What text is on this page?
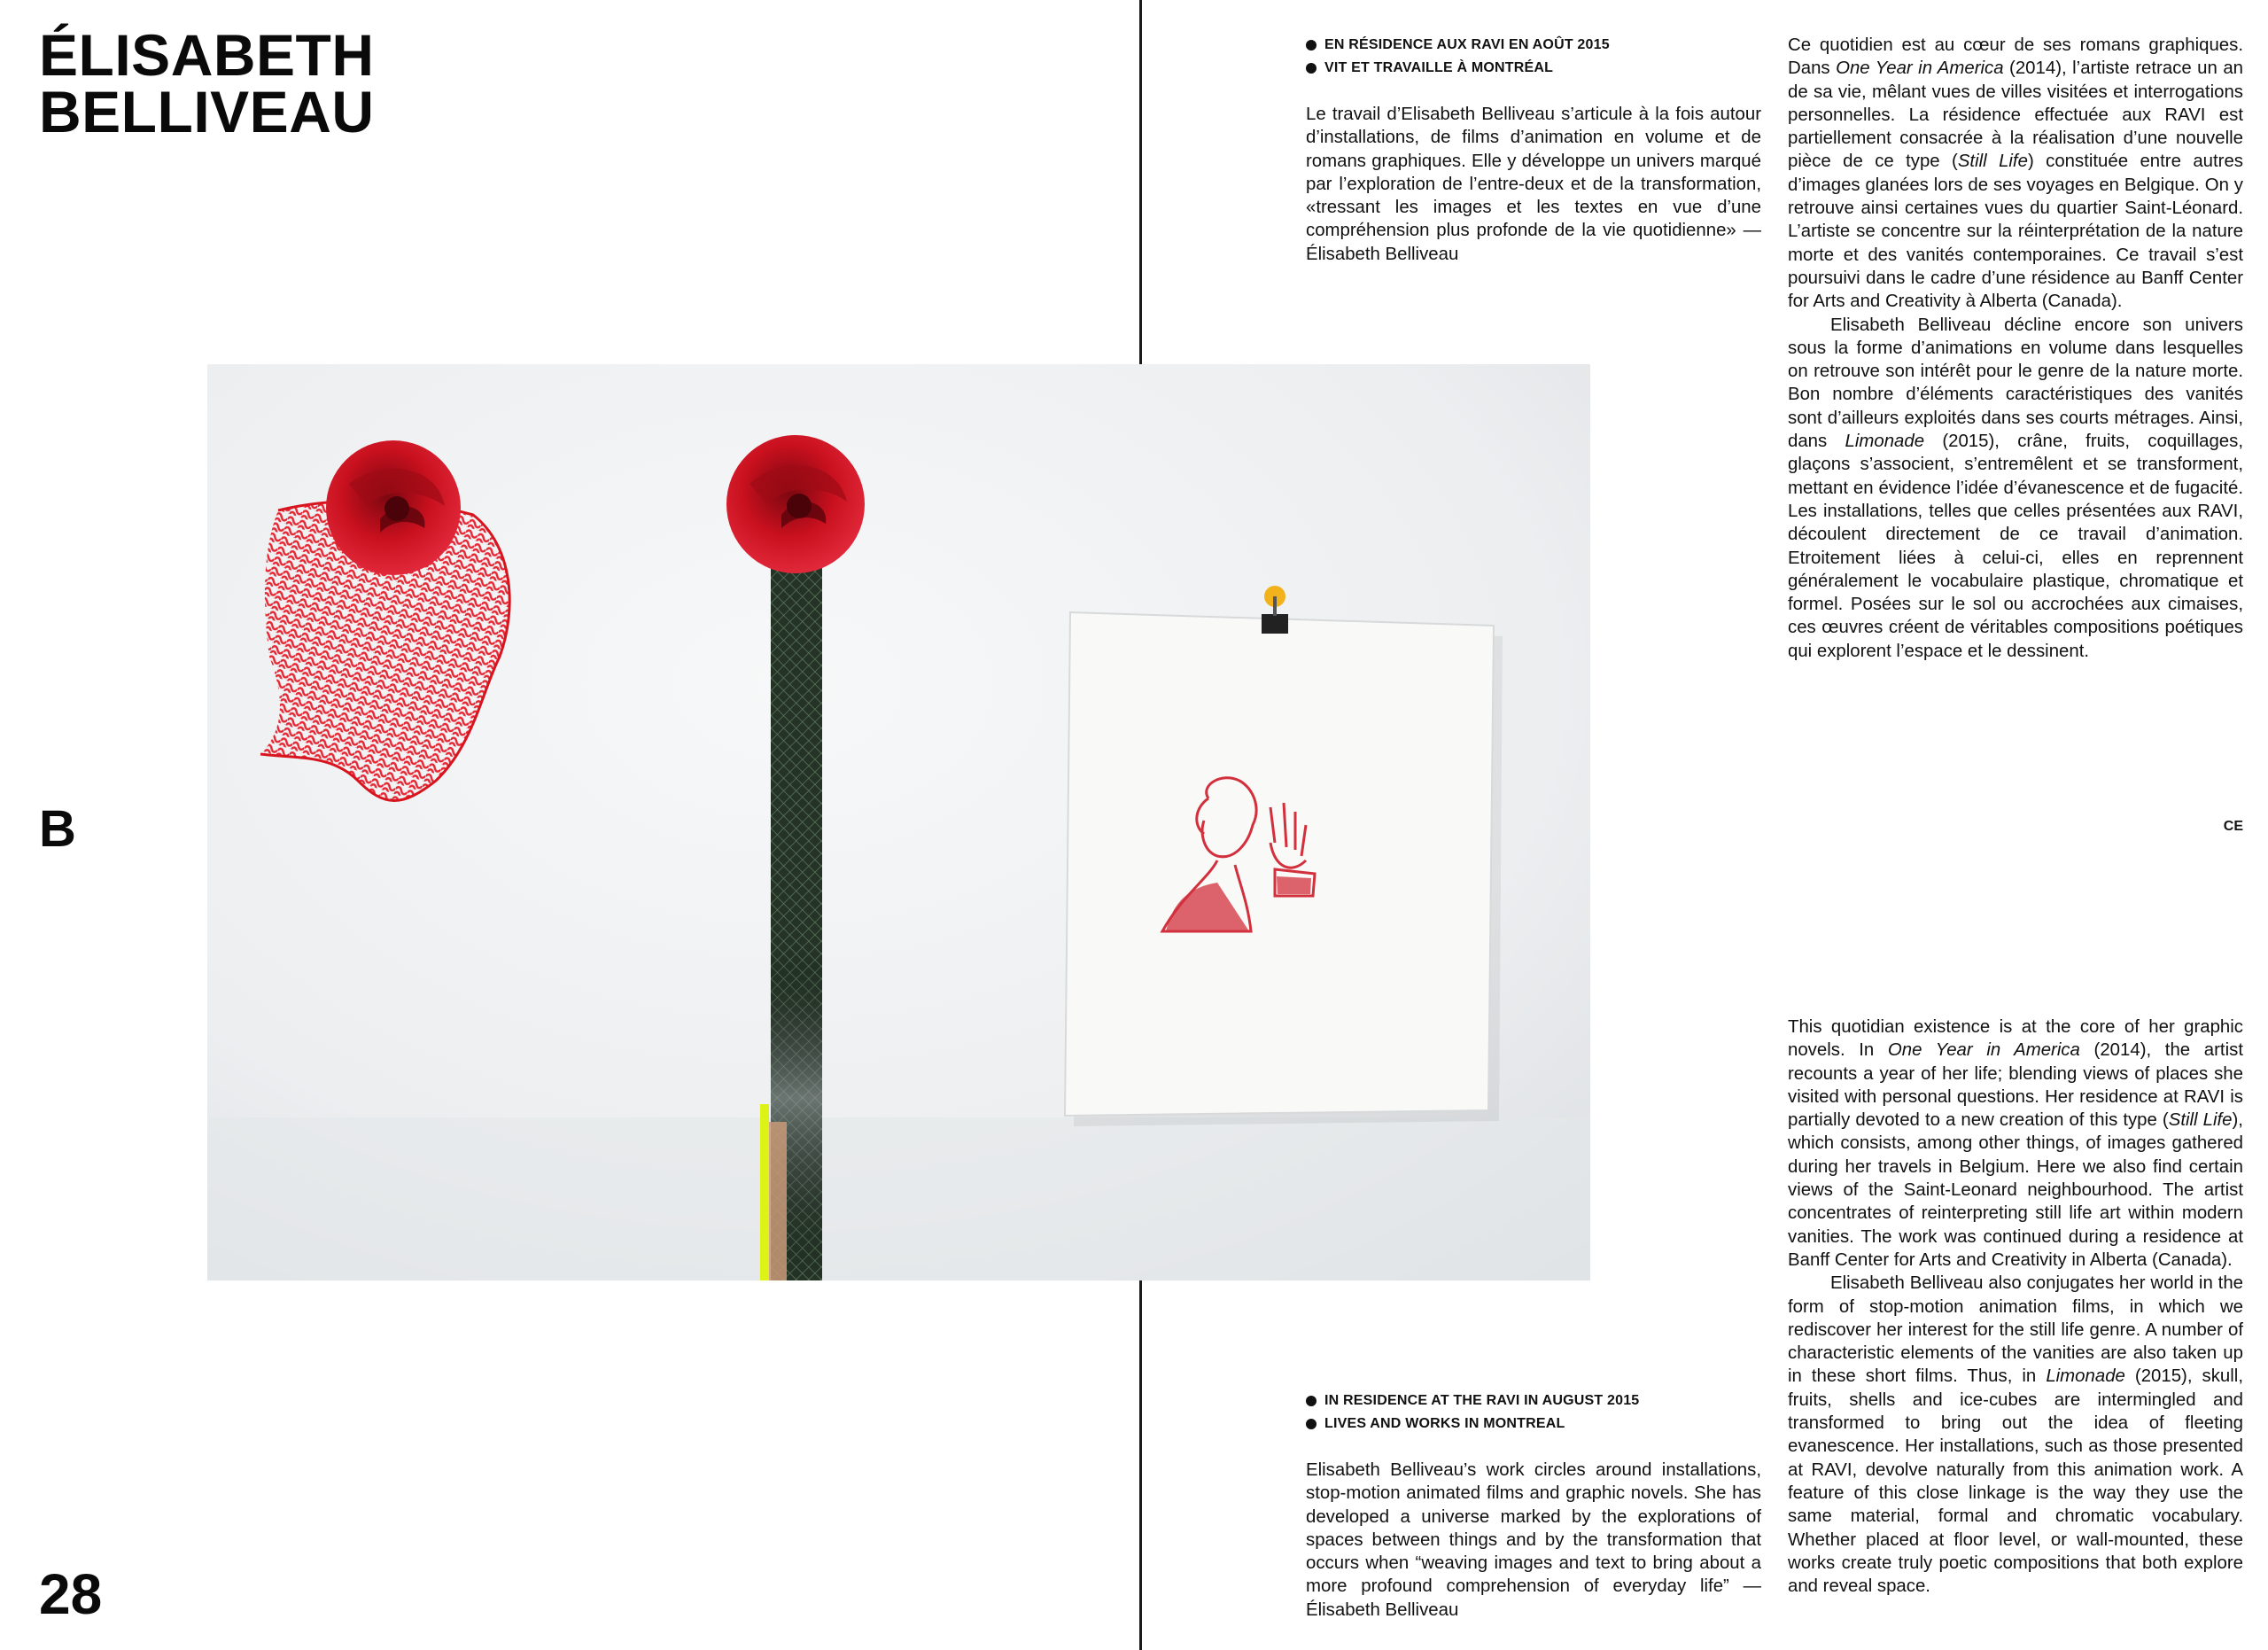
ÉLISABETH
BELLIVEAU
B
28
EN RÉSIDENCE AUX RAVI EN AOÛT 2015
VIT ET TRAVAILLE À MONTRÉAL

Le travail d’Elisabeth Belliveau s’articule à la fois autour d’installations, de films d’animation en volume et de romans graphiques. Elle y développe un univers marqué par l’exploration de l’entre-deux et de la transformation, «tressant les images et les textes en vue d’une compréhension plus profonde de la vie quotidienne» — Élisabeth Belliveau

Ce quotidien est au cœur de ses romans graphiques. Dans One Year in America (2014), l’artiste retrace un an de sa vie, mêlant vues de villes visitées et interrogations personnelles. La résidence effectuée aux RAVI est partiellement consacrée à la réalisation d’une nouvelle pièce de ce type (Still Life) constituée entre autres d’images glanées lors de ses voyages en Belgique. On y retrouve ainsi certaines vues du quartier Saint-Léonard. L’artiste se concentre sur la réinterprétation de la nature morte et des vanités contemporaines. Ce travail s’est poursuivi dans le cadre d’une résidence au Banff Center for Arts and Creativity à Alberta (Canada).

Elisabeth Belliveau décline encore son univers sous la forme d’animations en volume dans lesquelles on retrouve son intérêt pour le genre de la nature morte. Bon nombre d’éléments caractéristiques des vanités sont d’ailleurs exploités dans ses courts métrages. Ainsi, dans Limonade (2015), crâne, fruits, coquillages, glaçons s’associent, s’entremêlent et se transforment, mettant en évidence l’idée d’évanescence et de fugacité. Les installations, telles que celles présentées aux RAVI, découlent directement de ce travail d’animation. Etroitement liées à celui-ci, elles en reprennent généralement le vocabulaire plastique, chromatique et formel. Posées sur le sol ou accrochées aux cimaises, ces œuvres créent de véritables compositions poétiques qui explorent l’espace et le dessinent.

CE
IN RESIDENCE AT THE RAVI IN AUGUST 2015
LIVES AND WORKS IN MONTREAL

Elisabeth Belliveau’s work circles around installations, stop-motion animated films and graphic novels. She has developed a universe marked by the explorations of spaces between things and by the transformation that occurs when “weaving images and text to bring about a more profound comprehension of everyday life” — Élisabeth Belliveau

This quotidian existence is at the core of her graphic novels. In One Year in America (2014), the artist recounts a year of her life; blending views of places she visited with personal questions. Her residence at RAVI is partially devoted to a new creation of this type (Still Life), which consists, among other things, of images gathered during her travels in Belgium. Here we also find certain views of the Saint-Leonard neighbourhood. The artist concentrates of reinterpreting still life art within modern vanities. The work was continued during a residence at Banff Center for Arts and Creativity in Alberta (Canada).

Elisabeth Belliveau also conjugates her world in the form of stop-motion animation films, in which we rediscover her interest for the still life genre. A number of characteristic elements of the vanities are also taken up in these short films. Thus, in Limonade (2015), skull, fruits, shells and ice-cubes are intermingled and transformed to bring out the idea of fleeting evanescence. Her installations, such as those presented at RAVI, devolve naturally from this animation work. A feature of this close linkage is the way they use the same material, formal and chromatic vocabulary. Whether placed at floor level, or wall-mounted, these works create truly poetic compositions that both explore and reveal space.
